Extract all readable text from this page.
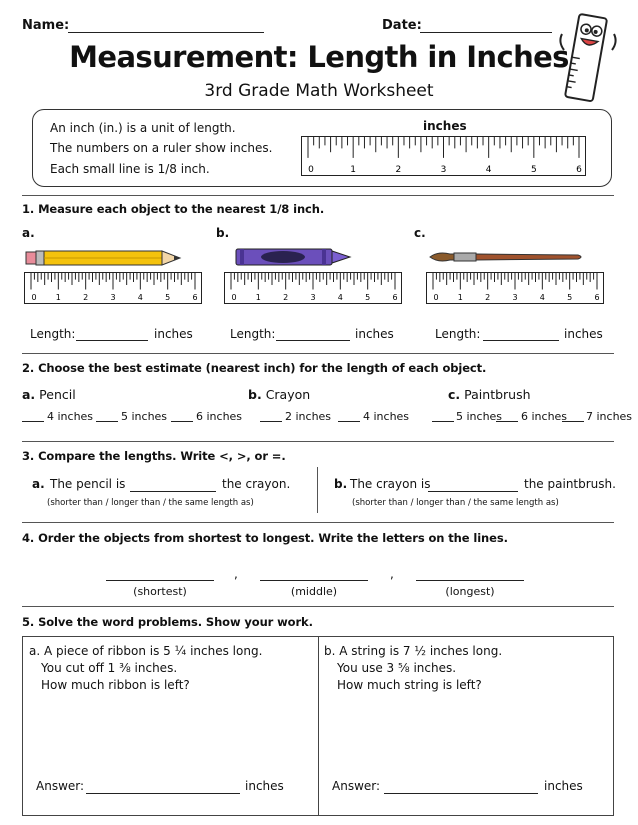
Name:	Date:
Measurement: Length in Inches
3rd Grade Math Worksheet
An inch (in.) is a unit of length.
The numbers on a ruler show inches.
Each small line is 1/8 inch.
inches
0	1	2	3	4	5	6
1. Measure each object to the nearest 1/8 inch.
a.	b.	c.
0 1	2	3	4	5	6	0 1	2	3	4	5	6	0 1	2	3	4	5	6
Length:	inches	Length:	inches	Length:	inches
2. Choose the best estimate (nearest inch) for the length of each object.
a. Pencil	b. Crayon	c. Paintbrush
4 inches	5 inches	6 inches	2 inches	4 inches	5 inches 6 inches 7 inches
3. Compare the lengths. Write <, >, or =.
a. The pencil is	the crayon.
(shorter than / longer than / the same length as)
b. The crayon is	the paintbrush.
(shorter than / longer than / the same length as)
4. Order the objects from shortest to longest. Write the letters on the lines.
,	,
(shortest)	(middle)	(longest)
5. Solve the word problems. Show your work.
a. A piece of ribbon is 5 ¼ inches long.
You cut off 1 ⅜ inches.
How much ribbon is left?
Answer:	inches
b. A string is 7 ½ inches long.
You use 3 ⅝ inches.
How much string is left?
Answer:	inches
